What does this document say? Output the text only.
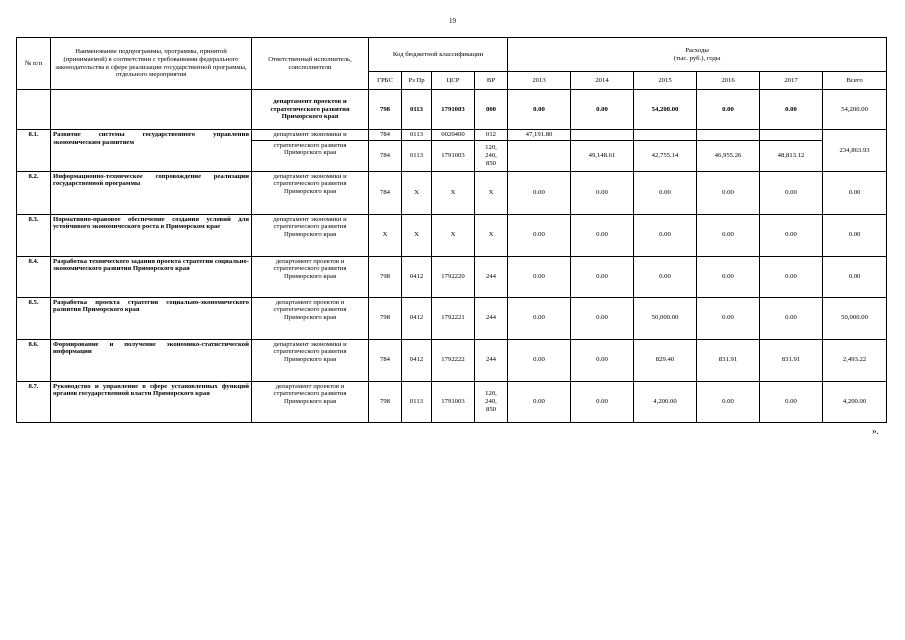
19
№ п/п	Наименование подпрограммы, программы, принятой (принимаемой) в соответствии с требованиями федерального законодательства в сфере реализации государственной программы, отдельного мероприятия	Ответственный исполнитель, соисполнители	Код бюджетной классификации				Расходы
(тыс. руб.), годы					
			ГРБС	Рз Пр	ЦСР	ВР	2013	2014	2015	2016	2017	Всего
		департамент проектов и стратегического развития Приморского края	798	0113	1791003	000	0.00	0.00	54,200.00	0.00	0.00	54,200.00
8.1.	Развитие системы государственного управления экономическим развитием	департамент экономики и	784	0113	0020400	012	47,191.80					234,863.93
		стратегического развития Приморского края	784	0113	1791003	120,
240,
850		49,148.61	42,755.14	46,955.26	48,813.12	
8.2.	Информационно-техническое сопровождение реализации государственной программы	департамент экономики и стратегического развития Приморского края	784	X	X	X	0.00	0.00	0.00	0.00	0.00	0.00
8.3.	Нормативно-правовое обеспечение создания условий для устойчивого экономического роста в Приморском крае	департамент экономики и стратегического развития Приморского края	X	X	X	X	0.00	0.00	0.00	0.00	0.00	0.00
8.4.	Разработка технического задания проекта стратегии социально-экономического развития Приморского края	департамент проектов и стратегического развития Приморского края	798	0412	1792220	244	0.00	0.00	0.00	0.00	0.00	0.00
8.5.	Разработка проекта стратегии социально-экономического развития Приморского края	департамент проектов и стратегического развития Приморского края	798	0412	1792221	244	0.00	0.00	50,000.00	0.00	0.00	50,000.00
8.6.	Формирование и получение экономико-статистической информации	департамент экономики и стратегического развития Приморского края	784	0412	1792222	244	0.00	0.00	829.40	831.91	831.91	2,493.22
8.7.	Руководство и управление в сфере установленных функций органов государственной власти Приморского края	департамент проектов и стратегического развития Приморского края	798	0113	1791003	120,
240,
850	0.00	0.00	4,200.00	0.00	0.00	4,200.00
».
